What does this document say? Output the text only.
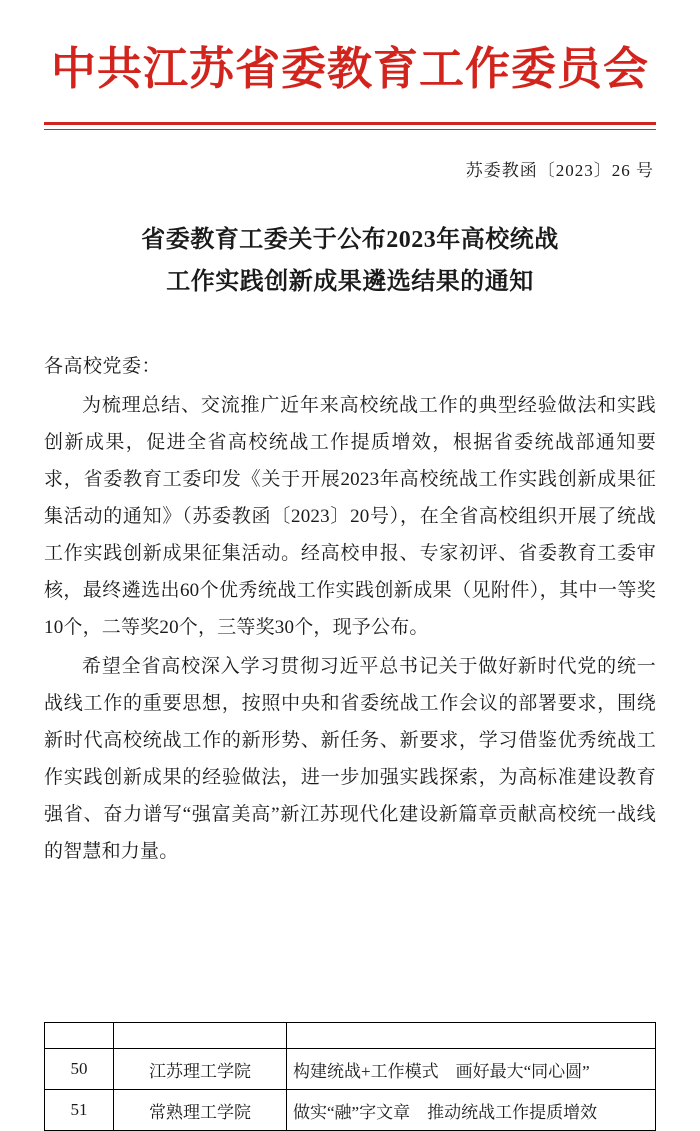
中共江苏省委教育工作委员会
苏委教函〔2023〕26 号
省委教育工委关于公布2023年高校统战
工作实践创新成果遴选结果的通知
各高校党委：
为梳理总结、交流推广近年来高校统战工作的典型经验做法和实践创新成果，促进全省高校统战工作提质增效，根据省委统战部通知要求，省委教育工委印发《关于开展2023年高校统战工作实践创新成果征集活动的通知》（苏委教函〔2023〕20号），在全省高校组织开展了统战工作实践创新成果征集活动。经高校申报、专家初评、省委教育工委审核，最终遴选出60个优秀统战工作实践创新成果（见附件），其中一等奖10个，二等奖20个，三等奖30个，现予公布。
希望全省高校深入学习贯彻习近平总书记关于做好新时代党的统一战线工作的重要思想，按照中央和省委统战工作会议的部署要求，围绕新时代高校统战工作的新形势、新任务、新要求，学习借鉴优秀统战工作实践创新成果的经验做法，进一步加强实践探索，为高标准建设教育强省、奋力谱写“强富美高”新江苏现代化建设新篇章贡献高校统一战线的智慧和力量。

50	江苏理工学院	构建统战+工作模式　画好最大“同心圆”
51	常熟理工学院	做实“融”字文章　推动统战工作提质增效
